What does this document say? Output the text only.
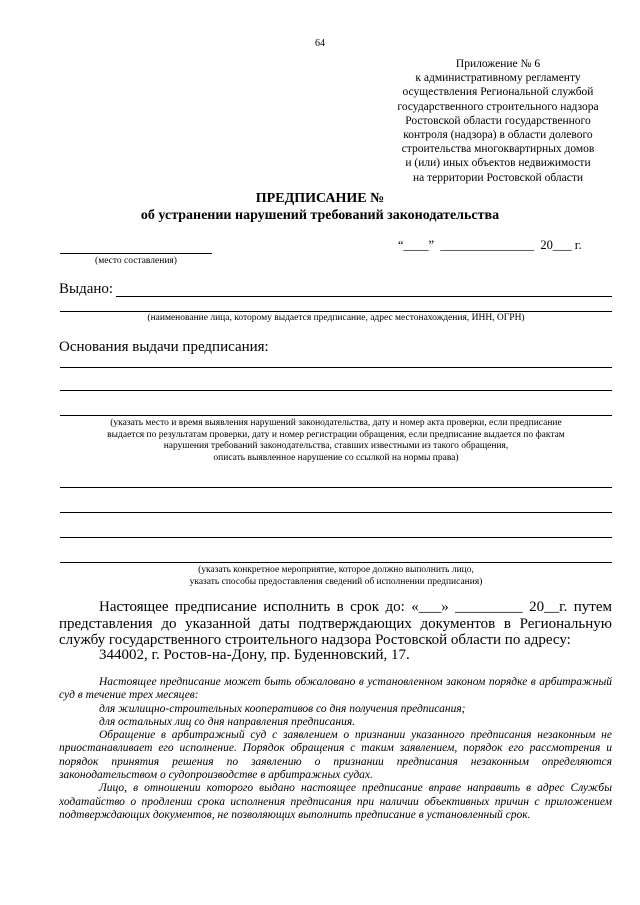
64
Приложение № 6
к административному регламенту
осуществления Региональной службой
государственного строительного надзора
Ростовской области государственного
контроля (надзора) в области долевого
строительства многоквартирных домов
и (или) иных объектов недвижимости
на территории Ростовской области
ПРЕДПИСАНИЕ №
об устранении нарушений требований законодательства
(место составления)
“____”  _______________  20___ г.
Выдано:
(наименование лица, которому выдается предписание, адрес местонахождения, ИНН, ОГРН)
Основания выдачи предписания:
(указать место и время выявления нарушений законодательства, дату и номер акта проверки, если предписание
выдается по результатам проверки, дату и номер регистрации обращения, если предписание выдается по фактам
нарушения требований законодательства, ставших известными из такого обращения,
описать выявленное нарушение со ссылкой на нормы права)
(указать конкретное мероприятие, которое должно выполнить лицо,
указать способы предоставления сведений об исполнении предписания)
Настоящее предписание исполнить в срок до: «___» _________ 20__г. путем представления до указанной даты подтверждающих документов в Региональную службу государственного строительного надзора Ростовской области по адресу:
344002, г. Ростов-на-Дону, пр. Буденновский, 17.

Настоящее предписание может быть обжаловано в установленном законом порядке в арбитражный суд в течение трех месяцев:

для жилищно-строительных кооперативов со дня получения предписания;

для остальных лиц со дня направления предписания.

Обращение в арбитражный суд с заявлением о признании указанного предписания незаконным не приостанавливает его исполнение. Порядок обращения с таким заявлением, порядок его рассмотрения и порядок принятия решения по заявлению о признании предписания незаконным определяются законодательством о судопроизводстве в арбитражных судах.

Лицо, в отношении которого выдано настоящее предписание вправе направить в адрес Службы ходатайство о продлении срока исполнения предписания при наличии объективных причин с приложением подтверждающих документов, не позволяющих выполнить предписание в установленный срок.
